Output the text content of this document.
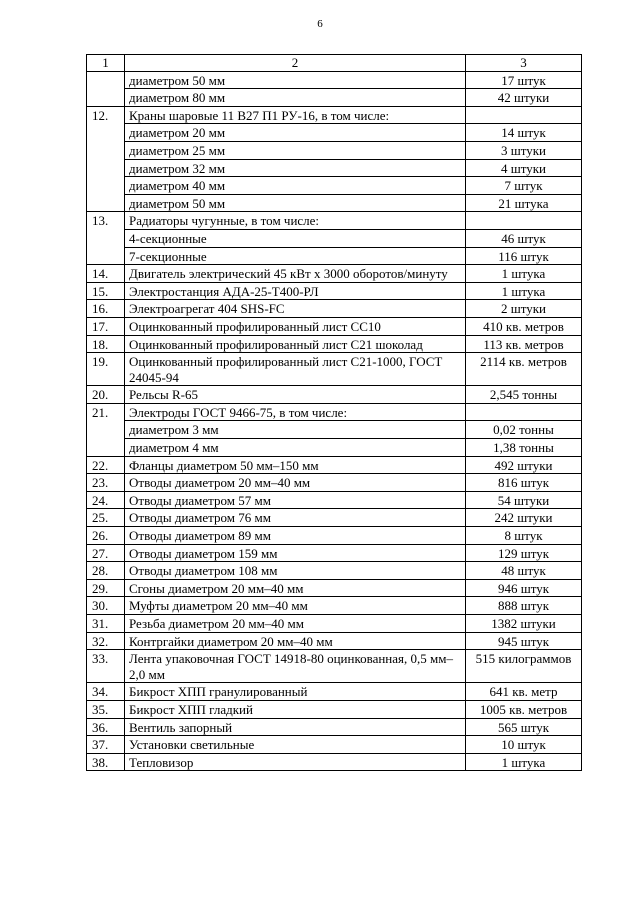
6
1	2	3
	диаметром 50 мм	17 штук
	диаметром 80 мм	42 штуки
12.	Краны шаровые 11 В27 П1 РУ-16, в том числе:	
	диаметром 20 мм	14 штук
	диаметром 25 мм	3 штуки
	диаметром 32 мм	4 штуки
	диаметром 40 мм	7 штук
	диаметром 50 мм	21 штука
13.	Радиаторы чугунные, в том числе:	
	4-секционные	46 штук
	7-секционные	116 штук
14.	Двигатель электрический 45 кВт х 3000 оборотов/минуту	1 штука
15.	Электростанция АДА-25-Т400-РЛ	1 штука
16.	Электроагрегат 404 SHS-FC	2 штуки
17.	Оцинкованный профилированный лист СС10	410 кв. метров
18.	Оцинкованный профилированный лист С21 шоколад	113 кв. метров
19.	Оцинкованный профилированный лист С21-1000, ГОСТ 24045-94	2114 кв. метров
20.	Рельсы R-65	2,545 тонны
21.	Электроды ГОСТ 9466-75, в том числе:	
	диаметром 3 мм	0,02 тонны
	диаметром 4 мм	1,38 тонны
22.	Фланцы диаметром 50 мм–150 мм	492 штуки
23.	Отводы диаметром 20 мм–40 мм	816 штук
24.	Отводы диаметром 57 мм	54 штуки
25.	Отводы диаметром 76 мм	242 штуки
26.	Отводы диаметром 89 мм	8 штук
27.	Отводы диаметром 159 мм	129 штук
28.	Отводы диаметром 108 мм	48 штук
29.	Сгоны диаметром 20 мм–40 мм	946 штук
30.	Муфты диаметром 20 мм–40 мм	888 штук
31.	Резьба диаметром 20 мм–40 мм	1382 штуки
32.	Контргайки диаметром 20 мм–40 мм	945 штук
33.	Лента упаковочная ГОСТ 14918-80 оцинкованная, 0,5 мм–2,0 мм	515 килограммов
34.	Бикрост ХПП гранулированный	641 кв. метр
35.	Бикрост ХПП гладкий	1005 кв. метров
36.	Вентиль запорный	565 штук
37.	Установки светильные	10 штук
38.	Тепловизор	1 штука
